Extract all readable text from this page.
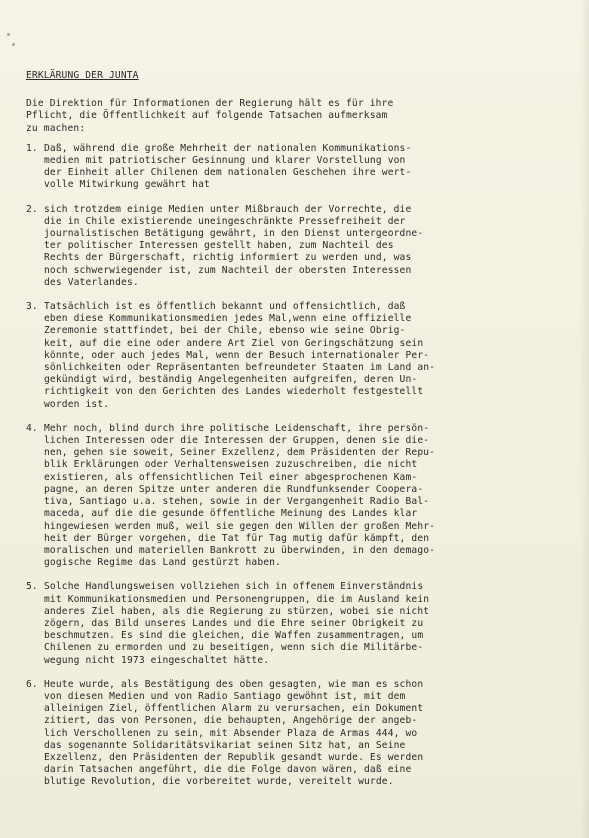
ERKLÄRUNG DER JUNTA
Die Direktion für Informationen der Regierung hält es für ihre
Pflicht, die Öffentlichkeit auf folgende Tatsachen aufmerksam
zu machen:
1. Daß, während die große Mehrheit der nationalen Kommunikations-
medien mit patriotischer Gesinnung und klarer Vorstellung von
der Einheit aller Chilenen dem nationalen Geschehen ihre wert-
volle Mitwirkung gewährt hat
2. sich trotzdem einige Medien unter Mißbrauch der Vorrechte, die
die in Chile existierende uneingeschränkte Pressefreiheit der
journalistischen Betätigung gewährt, in den Dienst untergeordne-
ter politischer Interessen gestellt haben, zum Nachteil des
Rechts der Bürgerschaft, richtig informiert zu werden und, was
noch schwerwiegender ist, zum Nachteil der obersten Interessen
des Vaterlandes.
3. Tatsächlich ist es öffentlich bekannt und offensichtlich, daß
eben diese Kommunikationsmedien jedes Mal,wenn eine offizielle
Zeremonie stattfindet, bei der Chile, ebenso wie seine Obrig-
keit, auf die eine oder andere Art Ziel von Geringschätzung sein
könnte, oder auch jedes Mal, wenn der Besuch internationaler Per-
sönlichkeiten oder Repräsentanten befreundeter Staaten im Land an-
gekündigt wird, beständig Angelegenheiten aufgreifen, deren Un-
richtigkeit von den Gerichten des Landes wiederholt festgestellt
worden ist.
4. Mehr noch, blind durch ihre politische Leidenschaft, ihre persön-
lichen Interessen oder die Interessen der Gruppen, denen sie die-
nen, gehen sie soweit, Seiner Exzellenz, dem Präsidenten der Repu-
blik Erklärungen oder Verhaltensweisen zuzuschreiben, die nicht
existieren, als offensichtlichen Teil einer abgesprochenen Kam-
pagne, an deren Spitze unter anderen die Rundfunksender Coopera-
tiva, Santiago u.a. stehen, sowie in der Vergangenheit Radio Bal-
maceda, auf die die gesunde öffentliche Meinung des Landes klar
hingewiesen werden muß, weil sie gegen den Willen der großen Mehr-
heit der Bürger vorgehen, die Tat für Tag mutig dafür kämpft, den
moralischen und materiellen Bankrott zu überwinden, in den demago-
gogische Regime das Land gestürzt haben.
5. Solche Handlungsweisen vollziehen sich in offenem Einverständnis
mit Kommunikationsmedien und Personengruppen, die im Ausland kein
anderes Ziel haben, als die Regierung zu stürzen, wobei sie nicht
zögern, das Bild unseres Landes und die Ehre seiner Obrigkeit zu
beschmutzen. Es sind die gleichen, die Waffen zusammentragen, um
Chilenen zu ermorden und zu beseitigen, wenn sich die Militärbe-
wegung nicht 1973 eingeschaltet hätte.
6. Heute wurde, als Bestätigung des oben gesagten, wie man es schon
von diesen Medien und von Radio Santiago gewöhnt ist, mit dem
alleinigen Ziel, öffentlichen Alarm zu verursachen, ein Dokument
zitiert, das von Personen, die behaupten, Angehörige der angeb-
lich Verschollenen zu sein, mit Absender Plaza de Armas 444, wo
das sogenannte Solidaritätsvikariat seinen Sitz hat, an Seine
Exzellenz, den Präsidenten der Republik gesandt wurde. Es werden
darin Tatsachen angeführt, die die Folge davon wären, daß eine
blutige Revolution, die vorbereitet wurde, vereitelt wurde.
